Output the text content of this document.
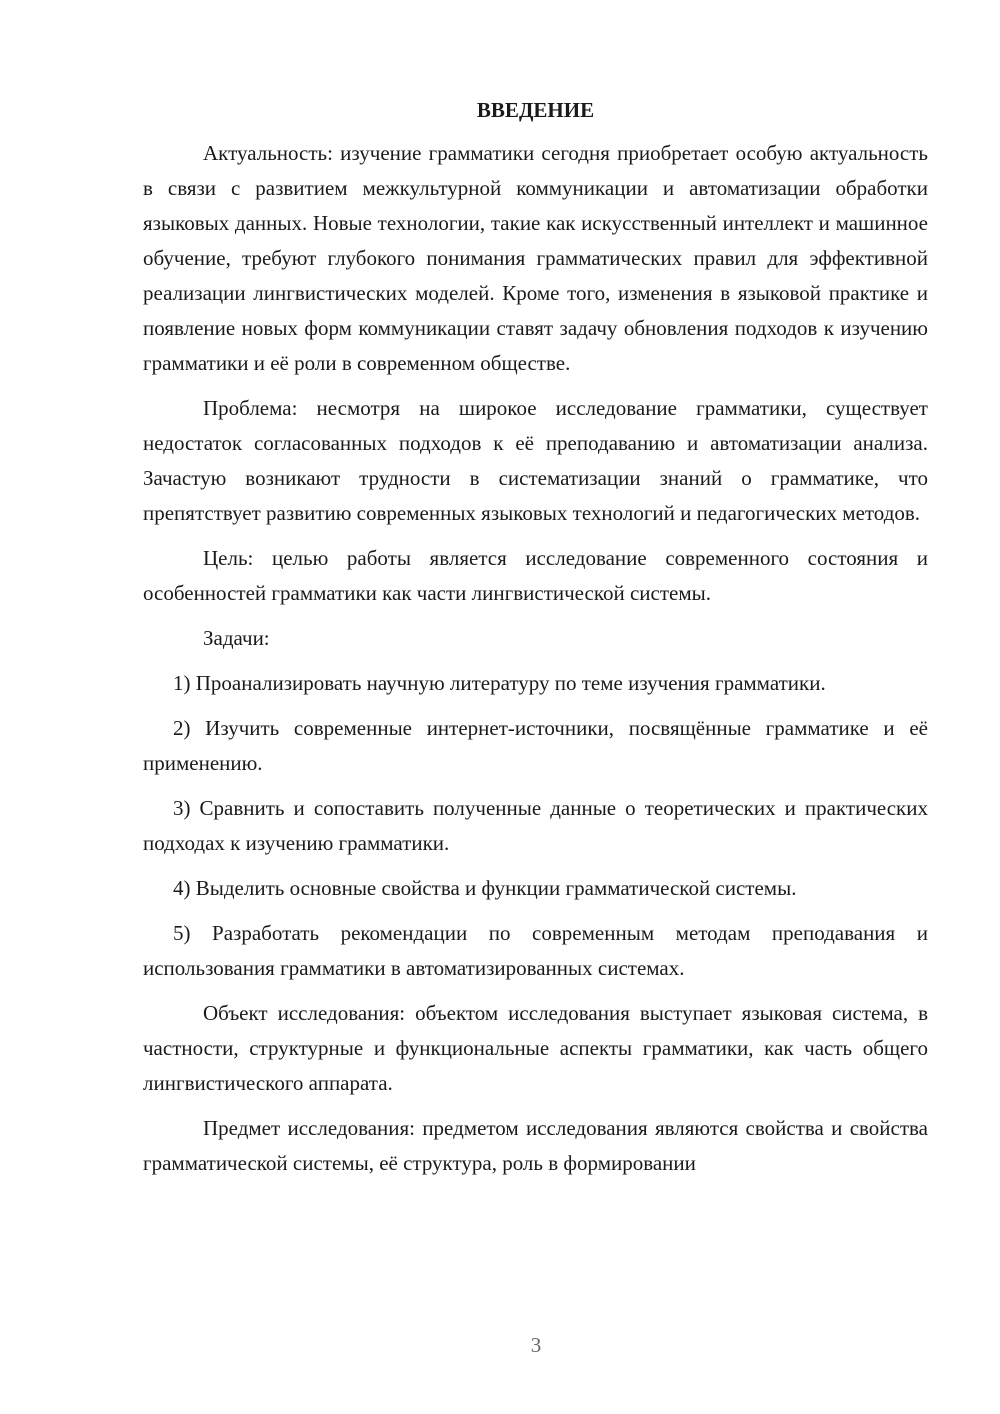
ВВЕДЕНИЕ

Актуальность: изучение грамматики сегодня приобретает особую актуальность в связи с развитием межкультурной коммуникации и автоматизации обработки языковых данных. Новые технологии, такие как искусственный интеллект и машинное обучение, требуют глубокого понимания грамматических правил для эффективной реализации лингвистических моделей. Кроме того, изменения в языковой практике и появление новых форм коммуникации ставят задачу обновления подходов к изучению грамматики и её роли в современном обществе.

Проблема: несмотря на широкое исследование грамматики, существует недостаток согласованных подходов к её преподаванию и автоматизации анализа. Зачастую возникают трудности в систематизации знаний о грамматике, что препятствует развитию современных языковых технологий и педагогических методов.

Цель: целью работы является исследование современного состояния и особенностей грамматики как части лингвистической системы.

Задачи:

1) Проанализировать научную литературу по теме изучения грамматики.

2) Изучить современные интернет-источники, посвящённые грамматике и её применению.

3) Сравнить и сопоставить полученные данные о теоретических и практических подходах к изучению грамматики.

4) Выделить основные свойства и функции грамматической системы.

5) Разработать рекомендации по современным методам преподавания и использования грамматики в автоматизированных системах.

Объект исследования: объектом исследования выступает языковая система, в частности, структурные и функциональные аспекты грамматики, как часть общего лингвистического аппарата.

Предмет исследования: предметом исследования являются свойства и свойства грамматической системы, её структура, роль в формировании

3
